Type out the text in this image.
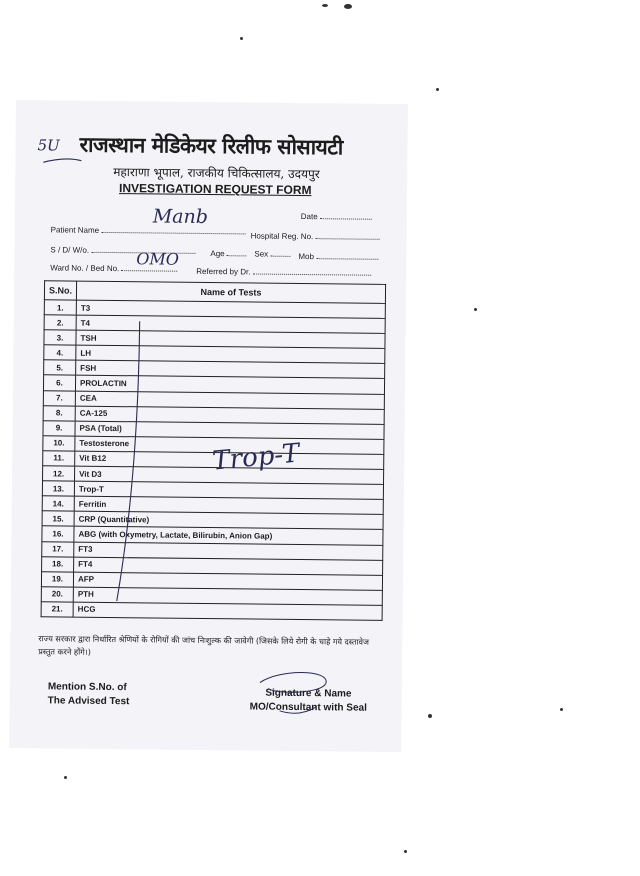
5U राजस्थान मेडिकेयर रिलीफ सोसायटी
महाराणा भूपाल, राजकीय चिकित्सालय, उदयपुर
INVESTIGATION REQUEST FORM
Date
Patient Name
Manb
Hospital Reg. No.
S / D/ W/o.	Age	Sex	Mob
Ward No. / Bed No.	OMO
Referred by Dr.
S.No.	Name of Tests
1.	T3
2.	T4
3.	TSH
4.	LH
5.	FSH
6.	PROLACTIN
7.	CEA
8.	CA-125
9.	PSA (Total)
10.	Testosterone
11.	Vit B12
12.	Vit D3
13.	Trop-T
14.	Ferritin
15.	CRP (Quantitative)
16.	ABG (with Oxymetry, Lactate, Bilirubin, Anion Gap)
17.	FT3
18.	FT4
19.	AFP
20.	PTH
21.	HCG
Trop-T
राज्य सरकार द्वारा निर्धारित श्रेणियों के रोगियों की जांच निःशुल्क की जावेगी (जिसके लिये रोगी के चाहे गये दस्तावेज प्रस्तुत करने होंगे।)
Mention S.No. of
The Advised Test
Signature & Name
MO/Consultant with Seal
